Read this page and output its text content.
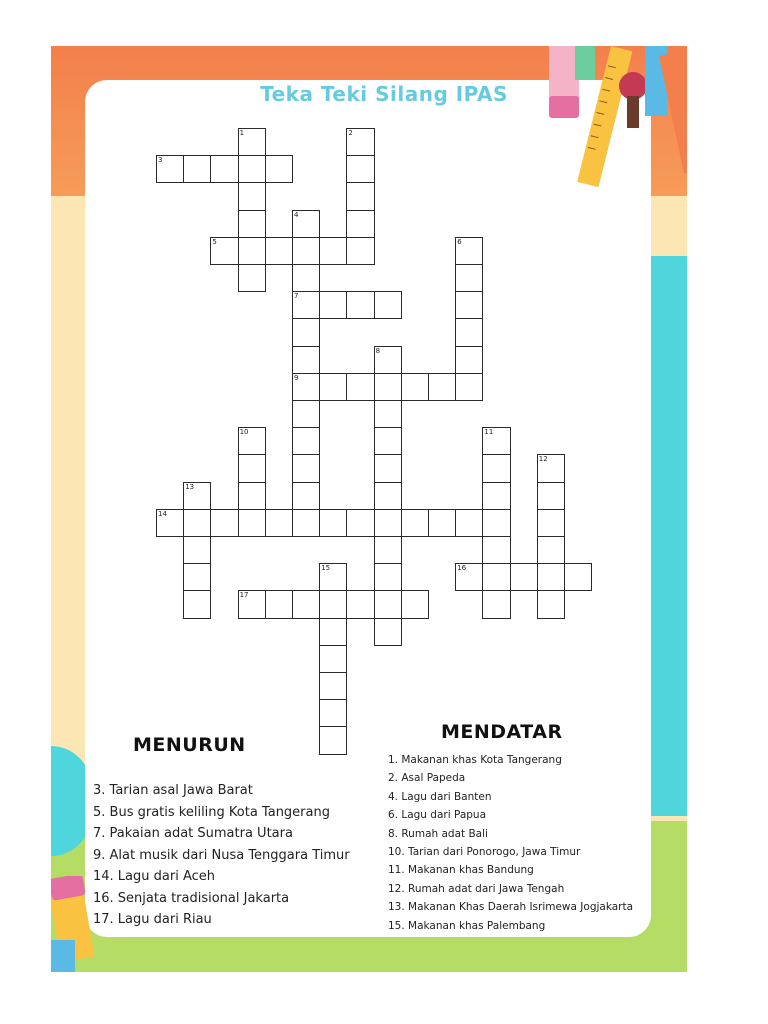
Teka Teki Silang IPAS
1	2
3
4
5	6
7
8
9
10	11
12
13
14
15	16
17
MENURUN
MENDATAR
3. Tarian asal Jawa Barat
5. Bus gratis keliling Kota Tangerang
7. Pakaian adat Sumatra Utara
9. Alat musik dari Nusa Tenggara Timur
14. Lagu dari Aceh
16. Senjata tradisional Jakarta
17. Lagu dari Riau
1. Makanan khas Kota Tangerang
2. Asal Papeda
4. Lagu dari Banten
6. Lagu dari Papua
8. Rumah adat Bali
10. Tarian dari Ponorogo, Jawa Timur
11. Makanan khas Bandung
12. Rumah adat dari Jawa Tengah
13. Makanan Khas Daerah Isrimewa Jogjakarta
15. Makanan khas Palembang
